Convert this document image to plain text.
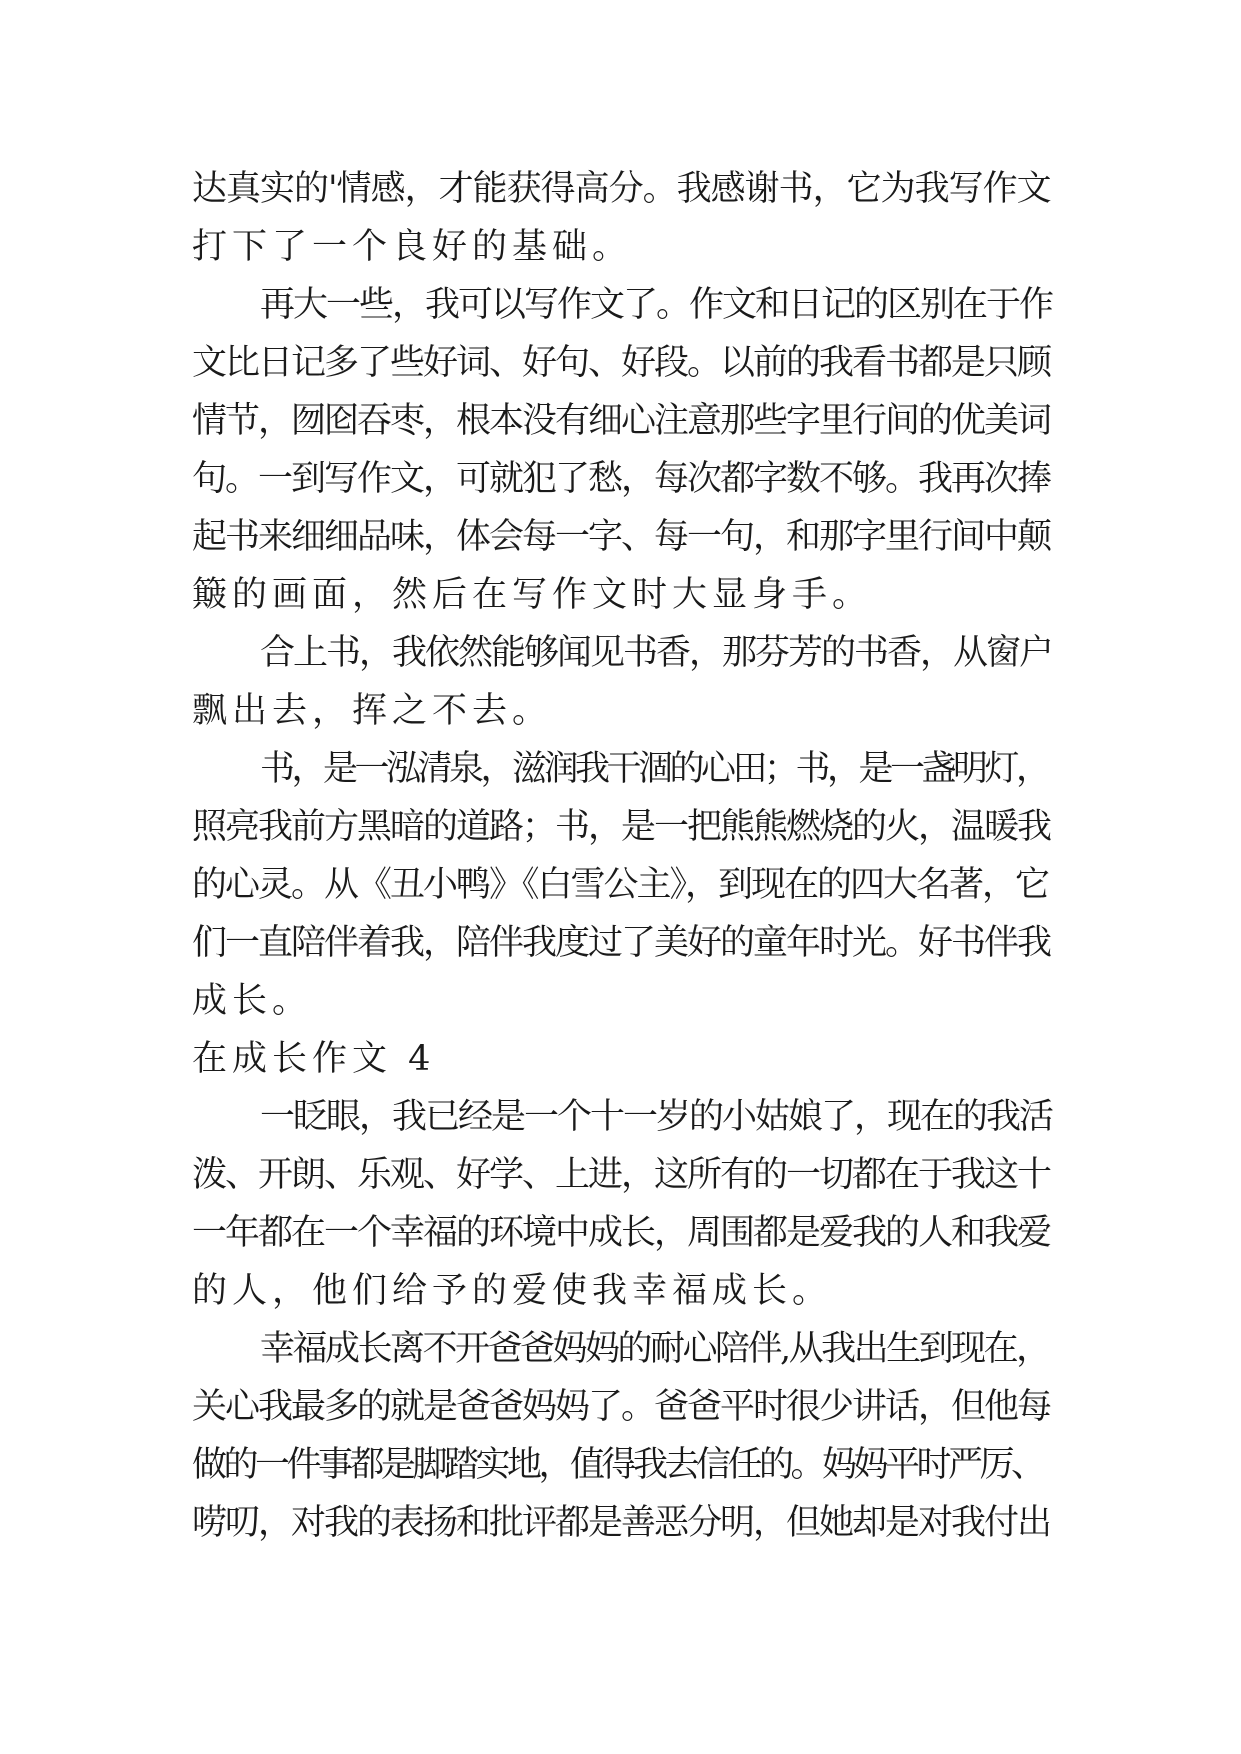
达真实的'情感，才能获得高分。我感谢书，它为我写作文
打下了一个良好的基础。
再大一些，我可以写作文了。作文和日记的区别在于作
文比日记多了些好词、好句、好段。以前的我看书都是只顾
情节，囫囵吞枣，根本没有细心注意那些字里行间的优美词
句。一到写作文，可就犯了愁，每次都字数不够。我再次捧
起书来细细品味，体会每一字、每一句，和那字里行间中颠
簸的画面，然后在写作文时大显身手。
合上书，我依然能够闻见书香，那芬芳的书香，从窗户
飘出去，挥之不去。
书，是一泓清泉，滋润我干涸的心田；书，是一盏明灯，
照亮我前方黑暗的道路；书，是一把熊熊燃烧的火，温暖我
的心灵。从《丑小鸭》《白雪公主》，到现在的四大名著，它
们一直陪伴着我，陪伴我度过了美好的童年时光。好书伴我
成长。
在成长作文 4
一眨眼，我已经是一个十一岁的小姑娘了，现在的我活
泼、开朗、乐观、好学、上进，这所有的一切都在于我这十
一年都在一个幸福的环境中成长，周围都是爱我的人和我爱
的人，他们给予的爱使我幸福成长。
幸福成长离不开爸爸妈妈的耐心陪伴,从我出生到现在，
关心我最多的就是爸爸妈妈了。爸爸平时很少讲话，但他每
做的一件事都是脚踏实地，值得我去信任的。妈妈平时严厉、
唠叨，对我的表扬和批评都是善恶分明，但她却是对我付出
